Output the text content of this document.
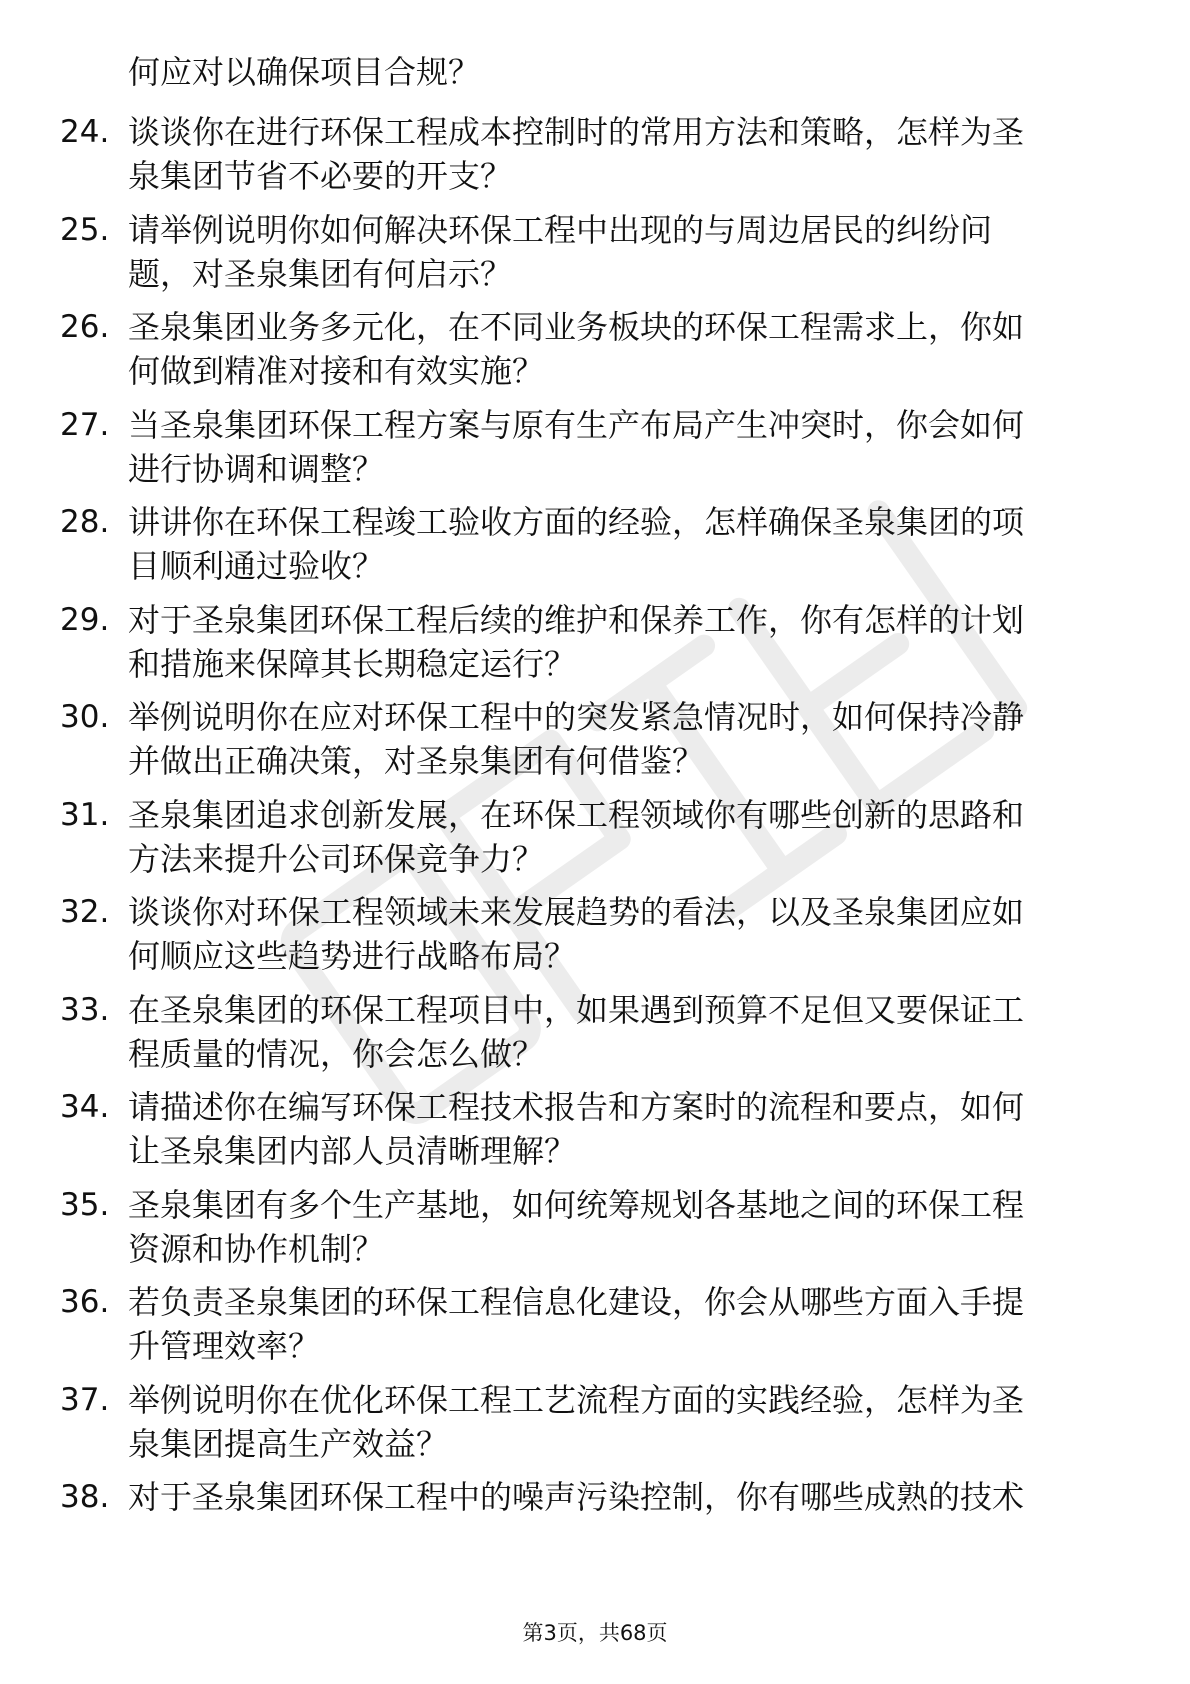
何应对以确保项目合规？
24. 谈谈你在进行环保工程成本控制时的常用方法和策略，怎样为圣
泉集团节省不必要的开支？
25. 请举例说明你如何解决环保工程中出现的与周边居民的纠纷问
题，对圣泉集团有何启示？
26. 圣泉集团业务多元化，在不同业务板块的环保工程需求上，你如
何做到精准对接和有效实施？
27. 当圣泉集团环保工程方案与原有生产布局产生冲突时，你会如何
进行协调和调整？
28. 讲讲你在环保工程竣工验收方面的经验，怎样确保圣泉集团的项
目顺利通过验收？
29. 对于圣泉集团环保工程后续的维护和保养工作，你有怎样的计划
和措施来保障其长期稳定运行？
30. 举例说明你在应对环保工程中的突发紧急情况时，如何保持冷静
并做出正确决策，对圣泉集团有何借鉴？
31. 圣泉集团追求创新发展，在环保工程领域你有哪些创新的思路和
方法来提升公司环保竞争力？
32. 谈谈你对环保工程领域未来发展趋势的看法，以及圣泉集团应如
何顺应这些趋势进行战略布局？
33. 在圣泉集团的环保工程项目中，如果遇到预算不足但又要保证工
程质量的情况，你会怎么做？
34. 请描述你在编写环保工程技术报告和方案时的流程和要点，如何
让圣泉集团内部人员清晰理解？
35. 圣泉集团有多个生产基地，如何统筹规划各基地之间的环保工程
资源和协作机制？
36. 若负责圣泉集团的环保工程信息化建设，你会从哪些方面入手提
升管理效率？
37. 举例说明你在优化环保工程工艺流程方面的实践经验，怎样为圣
泉集团提高生产效益？
38. 对于圣泉集团环保工程中的噪声污染控制，你有哪些成熟的技术
第3页，共68页
